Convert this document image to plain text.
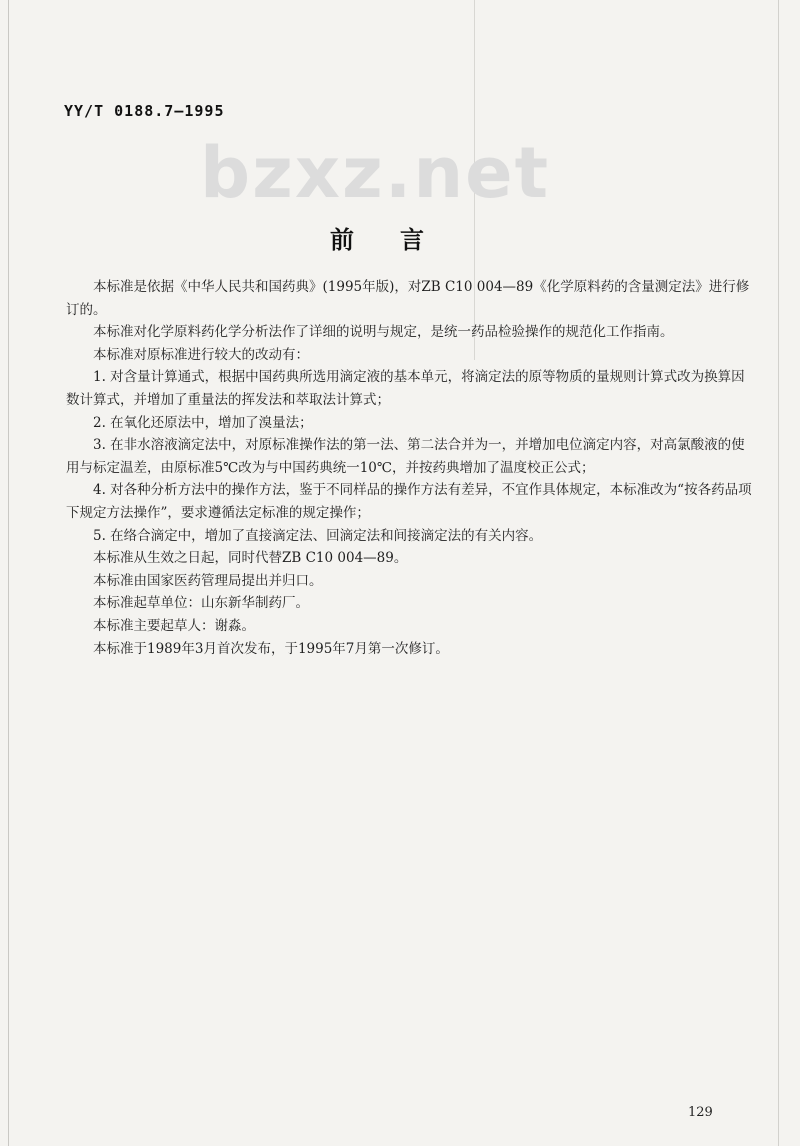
YY/T 0188.7—1995
bzxz.net
前言

本标准是依据《中华人民共和国药典》(1995年版)，对ZB C10 004—89《化学原料药的含量测定法》进行修订的。

本标准对化学原料药化学分析法作了详细的说明与规定，是统一药品检验操作的规范化工作指南。

本标准对原标准进行较大的改动有：

1. 对含量计算通式，根据中国药典所选用滴定液的基本单元，将滴定法的原等物质的量规则计算式改为换算因数计算式，并增加了重量法的挥发法和萃取法计算式；

2. 在氧化还原法中，增加了溴量法；

3. 在非水溶液滴定法中，对原标准操作法的第一法、第二法合并为一，并增加电位滴定内容，对高氯酸液的使用与标定温差，由原标准5℃改为与中国药典统一10℃，并按药典增加了温度校正公式；

4. 对各种分析方法中的操作方法，鉴于不同样品的操作方法有差异，不宜作具体规定，本标准改为“按各药品项下规定方法操作”，要求遵循法定标准的规定操作；

5. 在络合滴定中，增加了直接滴定法、回滴定法和间接滴定法的有关内容。

本标准从生效之日起，同时代替ZB C10 004—89。

本标准由国家医药管理局提出并归口。

本标准起草单位：山东新华制药厂。

本标准主要起草人：谢淼。

本标准于1989年3月首次发布，于1995年7月第一次修订。

129
